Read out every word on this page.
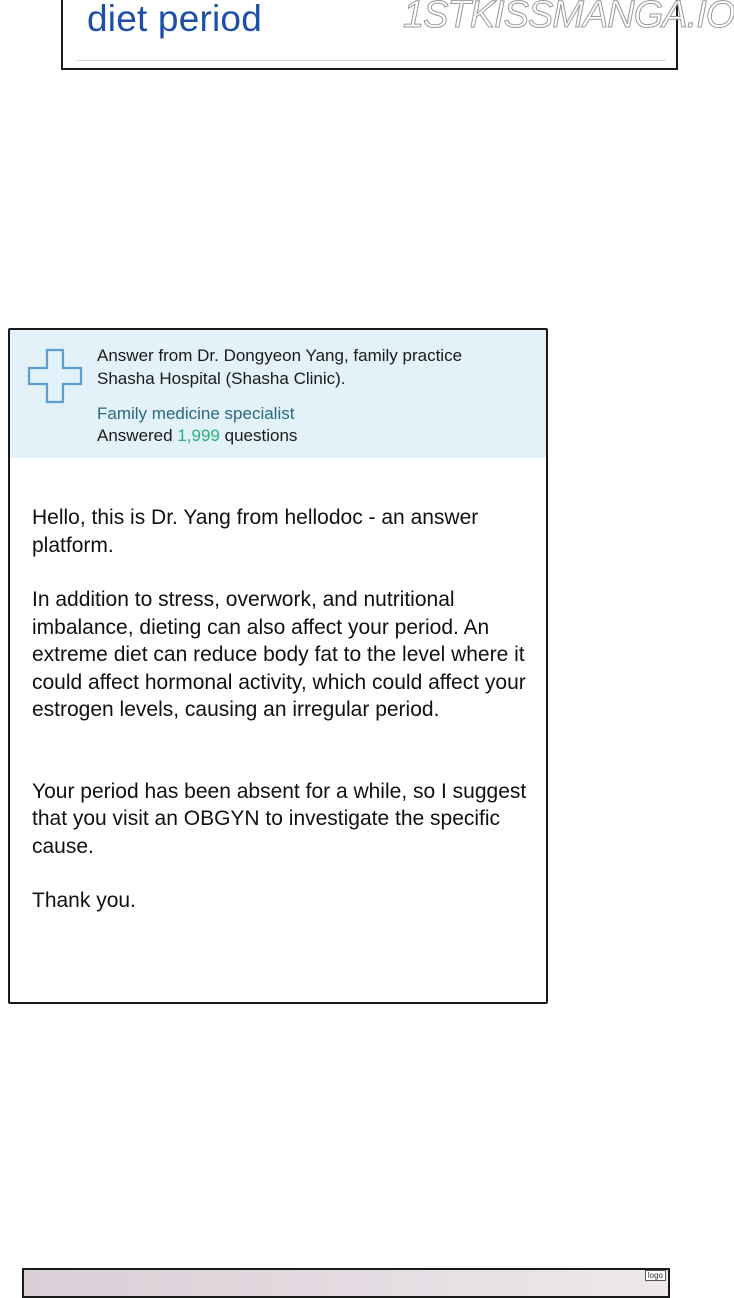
diet period	1STKISSMANGA.IO
Answer from Dr. Dongyeon Yang, family practice
Shasha Hospital (Shasha Clinic).
Family medicine specialist
Answered 1,999 questions

Hello, this is Dr. Yang from hellodoc - an answer platform.

In addition to stress, overwork, and nutritional imbalance, dieting can also affect your period. An extreme diet can reduce body fat to the level where it could affect hormonal activity, which could affect your estrogen levels, causing an irregular period.

Your period has been absent for a while, so I suggest that you visit an OBGYN to investigate the specific cause.

Thank you.

logo
